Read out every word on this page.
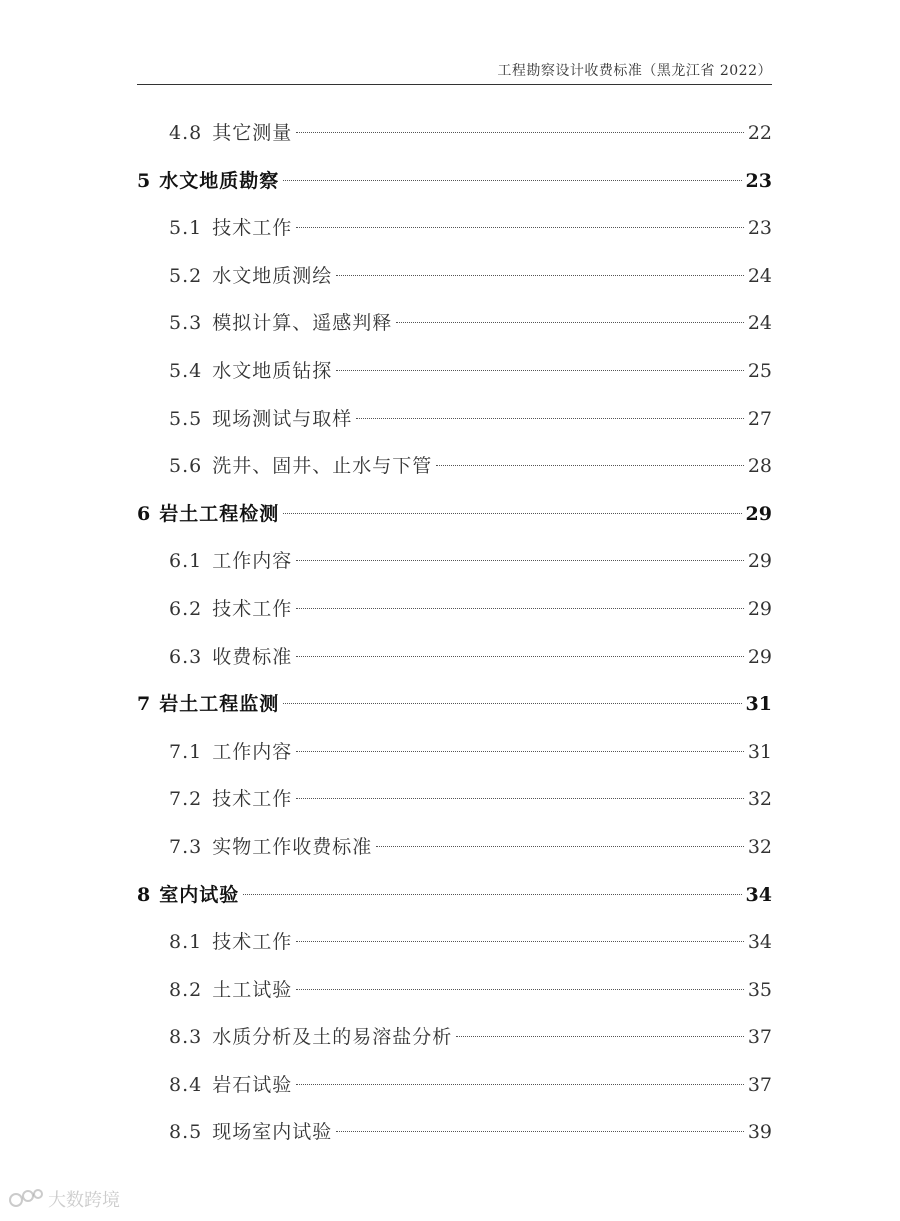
工程勘察设计收费标准（黑龙江省 2022）
4.8 其它测量	22
5 水文地质勘察	23
5.1 技术工作	23
5.2 水文地质测绘	24
5.3 模拟计算、遥感判释	24
5.4 水文地质钻探	25
5.5 现场测试与取样	27
5.6 洗井、固井、止水与下管	28
6 岩土工程检测	29
6.1 工作内容	29
6.2 技术工作	29
6.3 收费标准	29
7 岩土工程监测	31
7.1 工作内容	31
7.2 技术工作	32
7.3 实物工作收费标准	32
8 室内试验	34
8.1 技术工作	34
8.2 土工试验	35
8.3 水质分析及土的易溶盐分析	37
8.4 岩石试验	37
8.5 现场室内试验	39
大数跨境
